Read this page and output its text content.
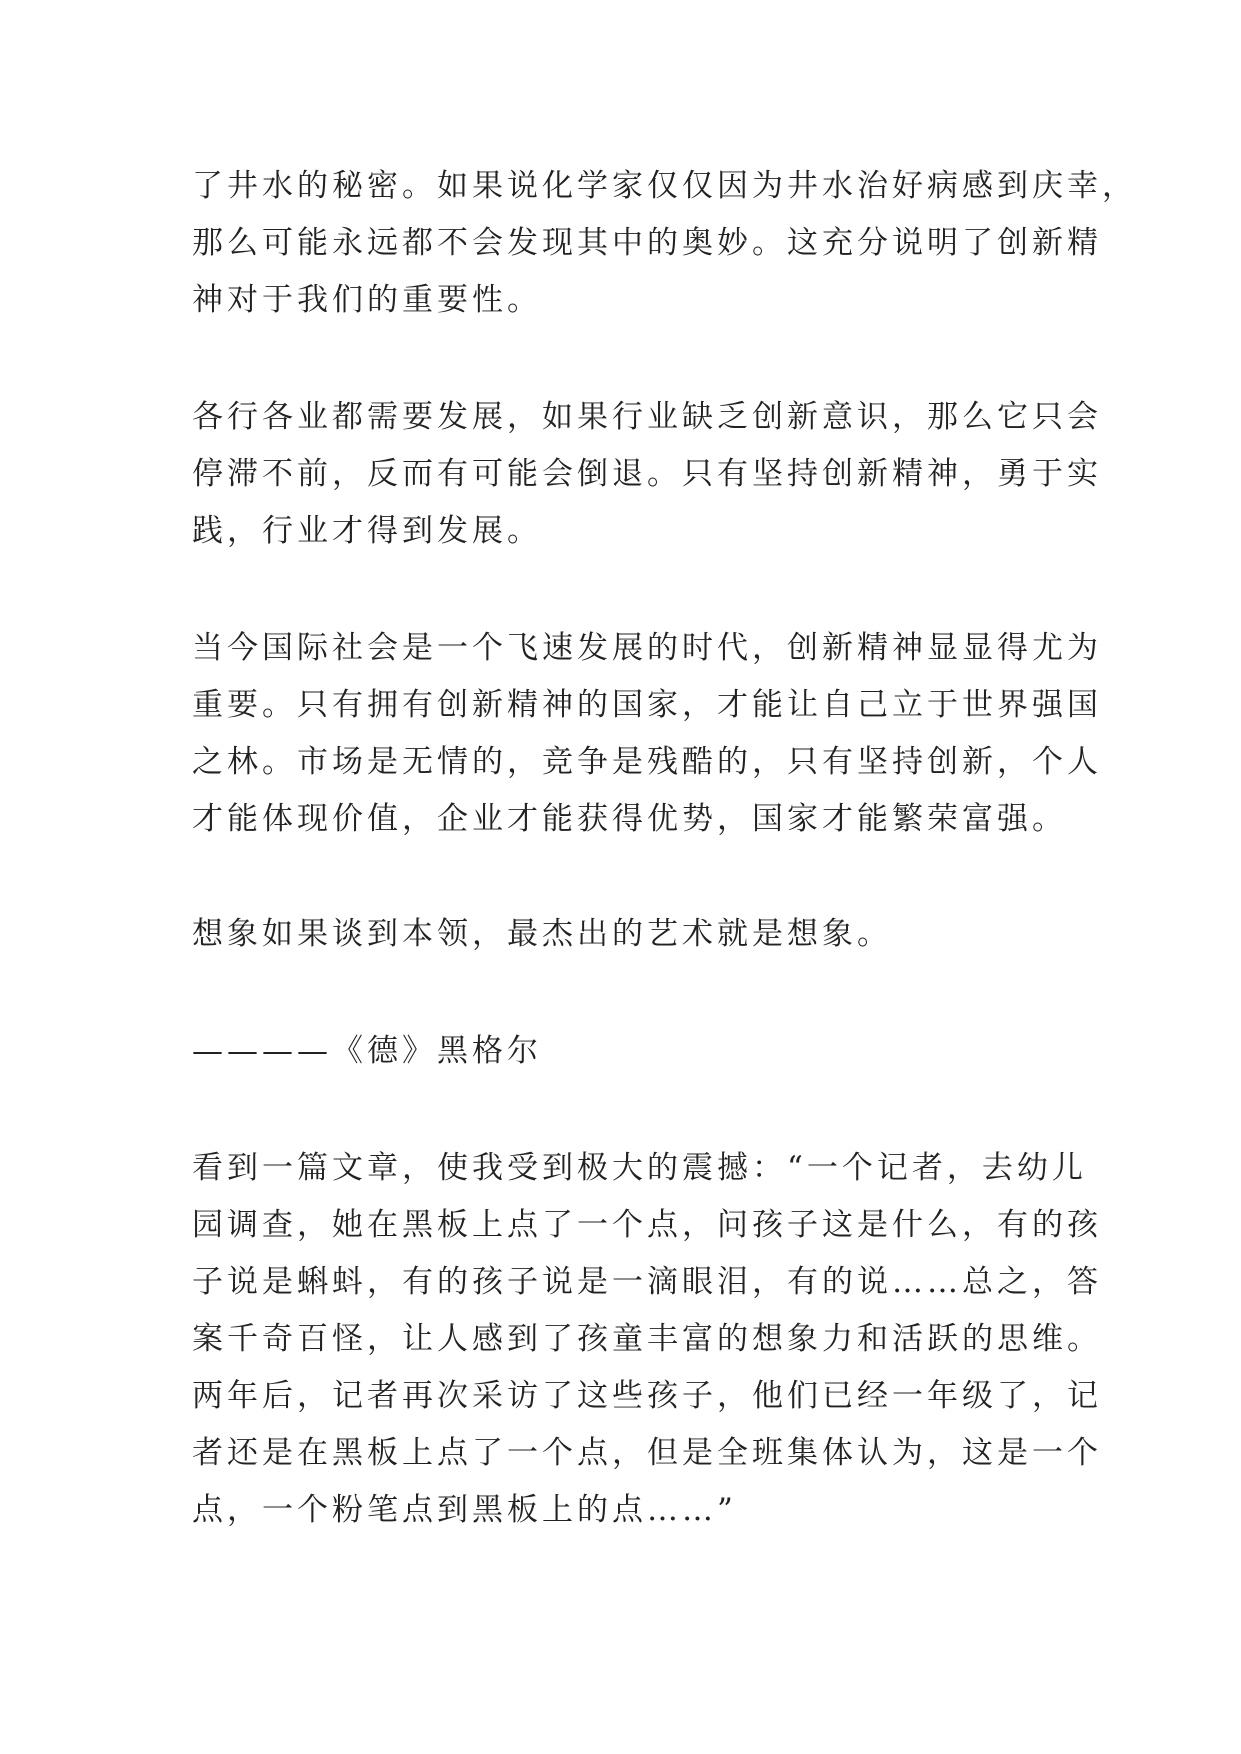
了井水的秘密。如果说化学家仅仅因为井水治好病感到庆幸，
那么可能永远都不会发现其中的奥妙。这充分说明了创新精
神对于我们的重要性。
各行各业都需要发展，如果行业缺乏创新意识，那么它只会
停滞不前，反而有可能会倒退。只有坚持创新精神，勇于实
践，行业才得到发展。
当今国际社会是一个飞速发展的时代，创新精神显显得尤为
重要。只有拥有创新精神的国家，才能让自己立于世界强国
之林。市场是无情的，竞争是残酷的，只有坚持创新，个人
才能体现价值，企业才能获得优势，国家才能繁荣富强。
想象如果谈到本领，最杰出的艺术就是想象。
————《德》黑格尔
看到一篇文章，使我受到极大的震撼：“一个记者，去幼儿
园调查，她在黑板上点了一个点，问孩子这是什么，有的孩
子说是蝌蚪，有的孩子说是一滴眼泪，有的说……总之，答
案千奇百怪，让人感到了孩童丰富的想象力和活跃的思维。
两年后，记者再次采访了这些孩子，他们已经一年级了，记
者还是在黑板上点了一个点，但是全班集体认为，这是一个
点，一个粉笔点到黑板上的点……”
